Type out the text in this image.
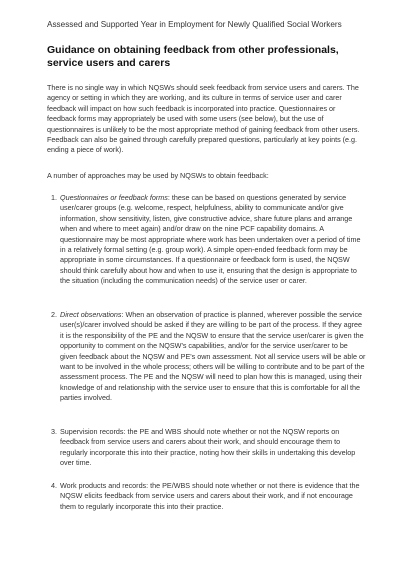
Assessed and Supported Year in Employment for Newly Qualified Social Workers
Guidance on obtaining feedback from other professionals, service users and carers
There is no single way in which NQSWs should seek feedback from service users and carers. The agency or setting in which they are working, and its culture in terms of service user and carer feedback will impact on how such feedback is incorporated into practice. Questionnaires or feedback forms may appropriately be used with some users (see below), but the use of questionnaires is unlikely to be the most appropriate method of gaining feedback from other users. Feedback can also be gained through carefully prepared questions, particularly at key points (e.g. ending a piece of work).
A number of approaches may be used by NQSWs to obtain feedback:
1. Questionnaires or feedback forms: these can be based on questions generated by service user/carer groups (e.g. welcome, respect, helpfulness, ability to communicate and/or give information, show sensitivity, listen, give constructive advice, share future plans and arrange when and where to meet again) and/or draw on the nine PCF capability domains. A questionnaire may be most appropriate where work has been undertaken over a period of time in a relatively formal setting (e.g. group work). A simple open-ended feedback form may be appropriate in some circumstances. If a questionnaire or feedback form is used, the NQSW should think carefully about how and when to use it, ensuring that the design is appropriate to the situation (including the communication needs) of the service user or carer.
2. Direct observations: When an observation of practice is planned, wherever possible the service user(s)/carer involved should be asked if they are willing to be part of the process. If they agree it is the responsibility of the PE and the NQSW to ensure that the service user/carer is given the opportunity to comment on the NQSW's capabilities, and/or for the service user/carer to be given feedback about the NQSW and PE's own assessment. Not all service users will be able or want to be involved in the whole process; others will be willing to contribute and to be part of the assessment process. The PE and the NQSW will need to plan how this is managed, using their knowledge of and relationship with the service user to ensure that this is comfortable for all the parties involved.
3. Supervision records: the PE and WBS should note whether or not the NQSW reports on feedback from service users and carers about their work, and should encourage them to regularly incorporate this into their practice, noting how their skills in undertaking this develop over time.
4. Work products and records: the PE/WBS should note whether or not there is evidence that the NQSW elicits feedback from service users and carers about their work, and if not encourage them to regularly incorporate this into their practice.
